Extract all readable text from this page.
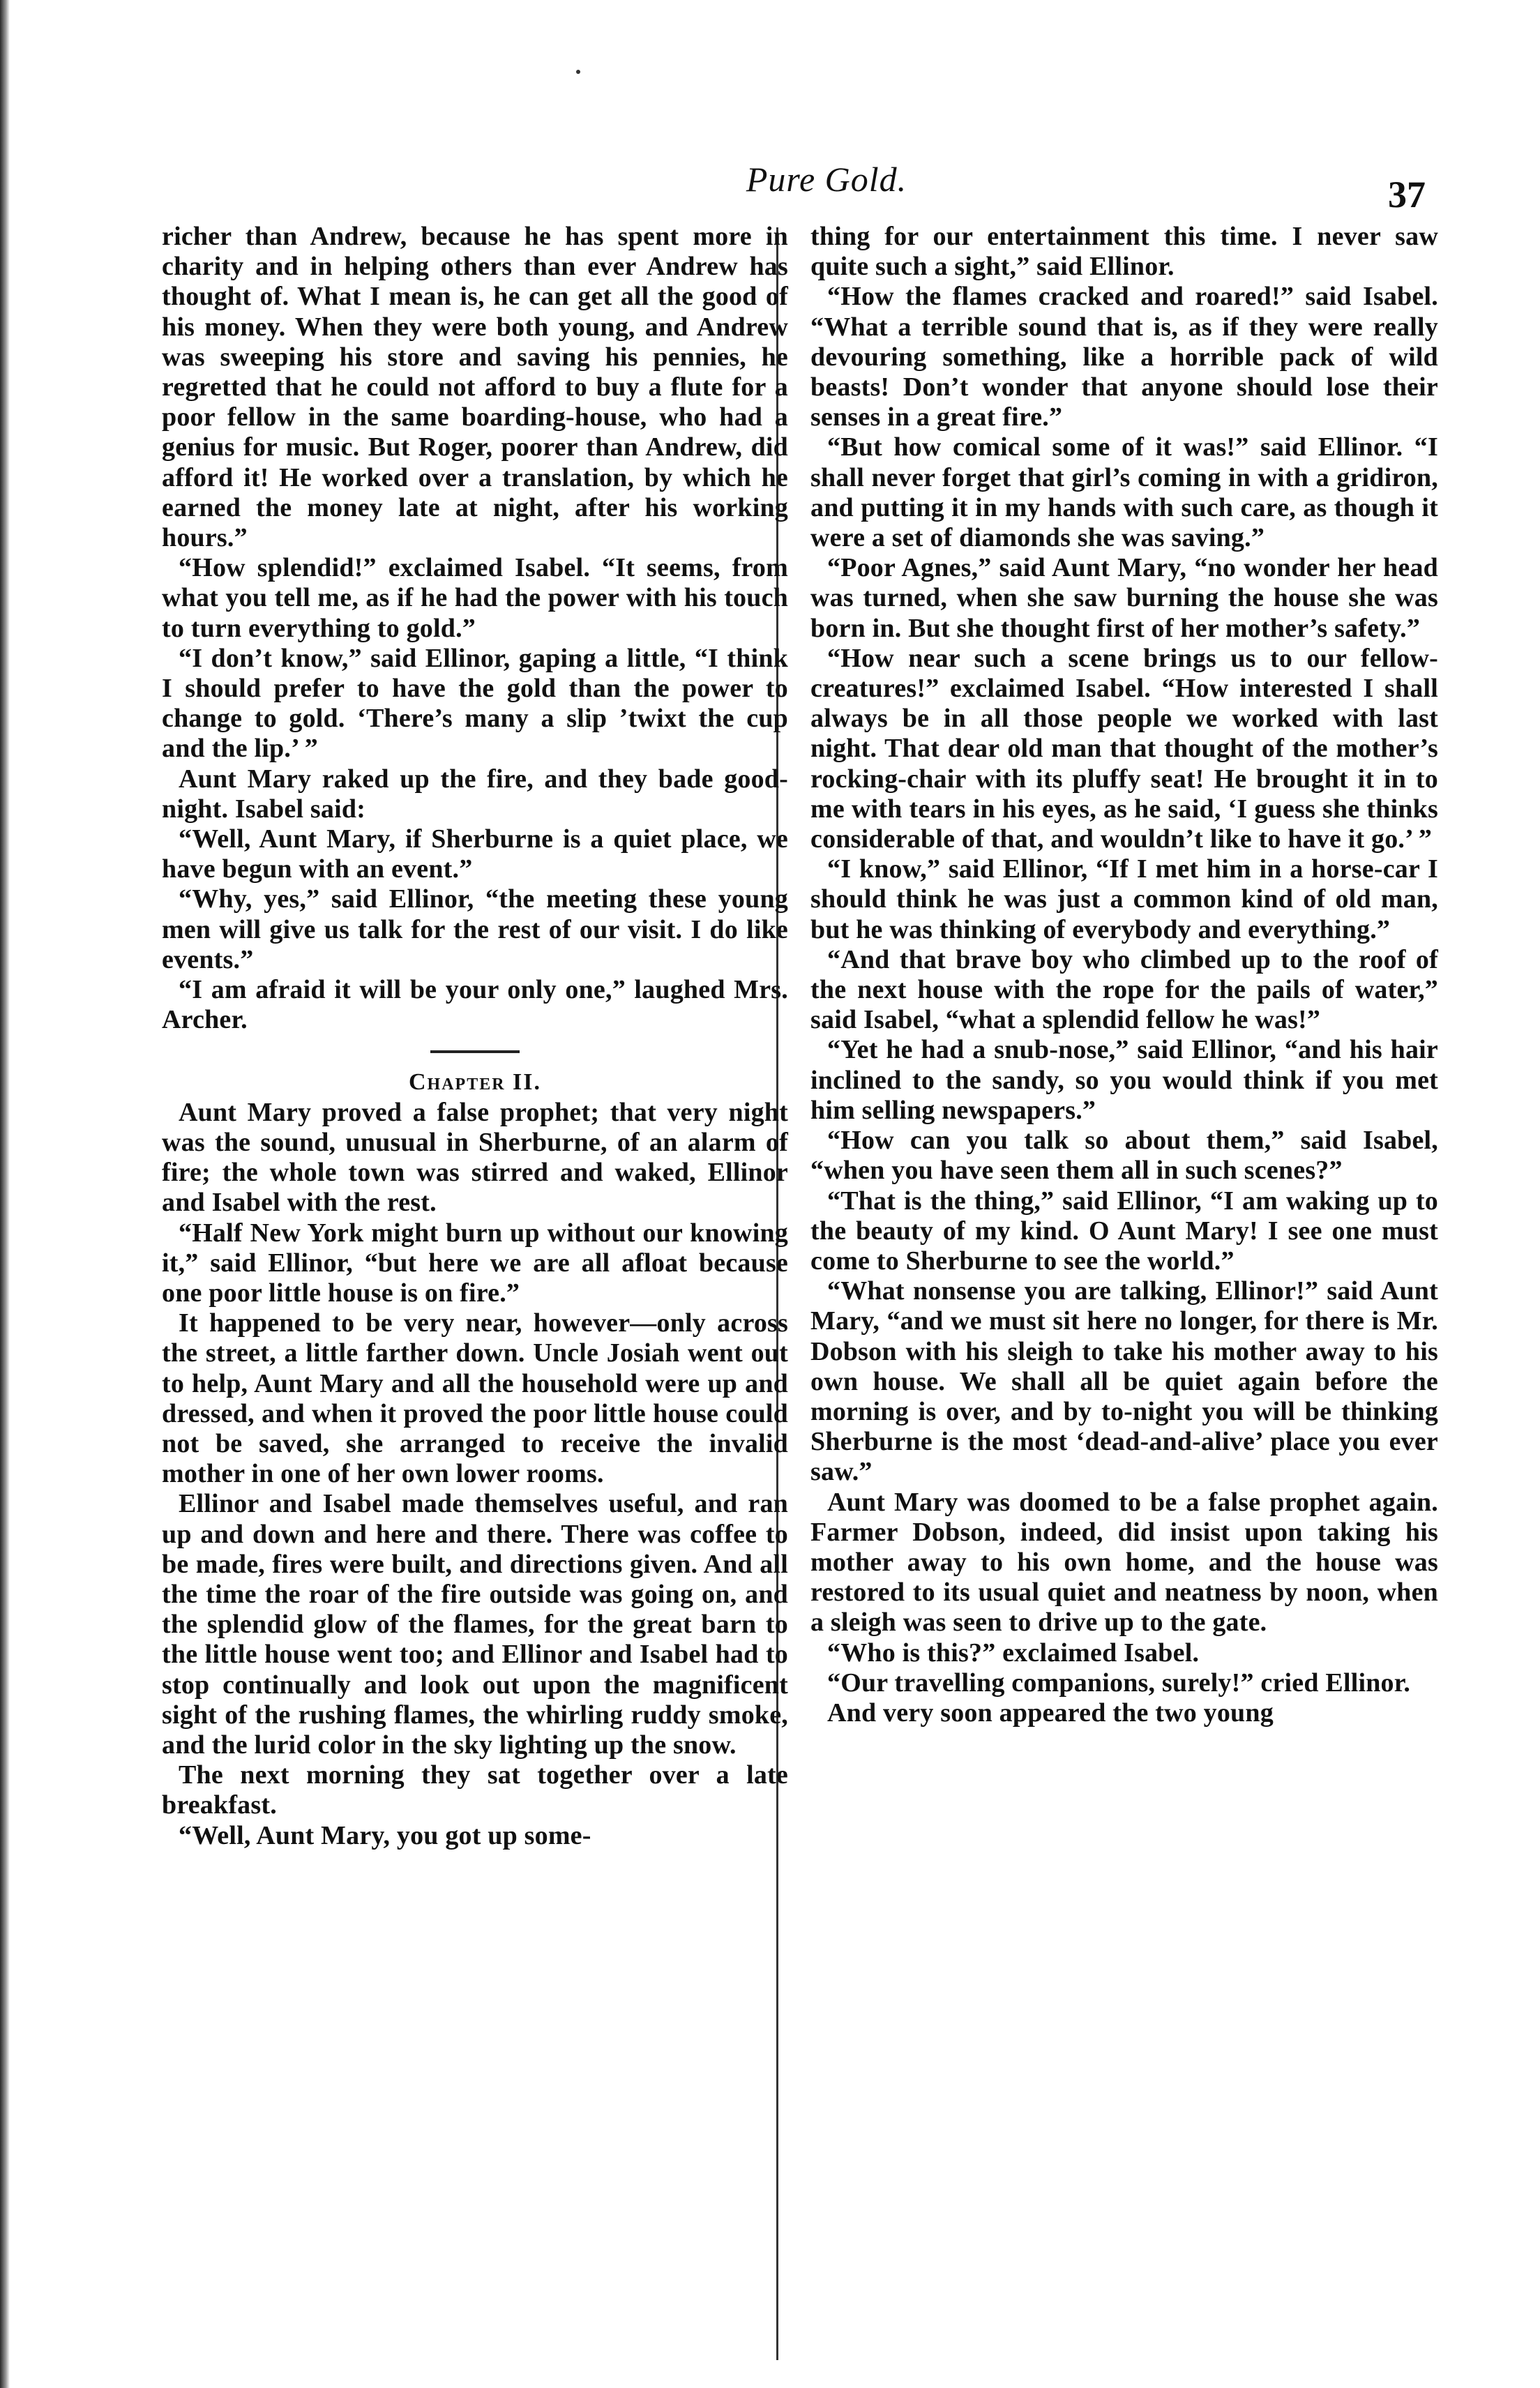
Pure Gold.	37

richer than Andrew, because he has spent more in charity and in helping others than ever Andrew has thought of. What I mean is, he can get all the good of his money. When they were both young, and Andrew was sweeping his store and saving his pennies, he regretted that he could not afford to buy a flute for a poor fellow in the same boarding-house, who had a genius for music. But Roger, poorer than Andrew, did afford it! He worked over a translation, by which he earned the money late at night, after his working hours.”

“How splendid!” exclaimed Isabel. “It seems, from what you tell me, as if he had the power with his touch to turn everything to gold.”

“I don’t know,” said Ellinor, gaping a little, “I think I should prefer to have the gold than the power to change to gold. ‘There’s many a slip ’twixt the cup and the lip.’ ”

Aunt Mary raked up the fire, and they bade good-night. Isabel said:

“Well, Aunt Mary, if Sherburne is a quiet place, we have begun with an event.”

“Why, yes,” said Ellinor, “the meeting these young men will give us talk for the rest of our visit. I do like events.”

“I am afraid it will be your only one,” laughed Mrs. Archer.

Chapter II.

Aunt Mary proved a false prophet; that very night was the sound, unusual in Sherburne, of an alarm of fire; the whole town was stirred and waked, Ellinor and Isabel with the rest.

“Half New York might burn up without our knowing it,” said Ellinor, “but here we are all afloat because one poor little house is on fire.”

It happened to be very near, however—only across the street, a little farther down. Uncle Josiah went out to help, Aunt Mary and all the household were up and dressed, and when it proved the poor little house could not be saved, she arranged to receive the invalid mother in one of her own lower rooms.

Ellinor and Isabel made themselves useful, and ran up and down and here and there. There was coffee to be made, fires were built, and directions given. And all the time the roar of the fire outside was going on, and the splendid glow of the flames, for the great barn to the little house went too; and Ellinor and Isabel had to stop continually and look out upon the magnificent sight of the rushing flames, the whirling ruddy smoke, and the lurid color in the sky lighting up the snow.

The next morning they sat together over a late breakfast.

“Well, Aunt Mary, you got up some-

thing for our entertainment this time. I never saw quite such a sight,” said Ellinor.

“How the flames cracked and roared!” said Isabel. “What a terrible sound that is, as if they were really devouring something, like a horrible pack of wild beasts! Don’t wonder that anyone should lose their senses in a great fire.”

“But how comical some of it was!” said Ellinor. “I shall never forget that girl’s coming in with a gridiron, and putting it in my hands with such care, as though it were a set of diamonds she was saving.”

“Poor Agnes,” said Aunt Mary, “no wonder her head was turned, when she saw burning the house she was born in. But she thought first of her mother’s safety.”

“How near such a scene brings us to our fellow-creatures!” exclaimed Isabel. “How interested I shall always be in all those people we worked with last night. That dear old man that thought of the mother’s rocking-chair with its pluffy seat! He brought it in to me with tears in his eyes, as he said, ‘I guess she thinks considerable of that, and wouldn’t like to have it go.’ ”

“I know,” said Ellinor, “If I met him in a horse-car I should think he was just a common kind of old man, but he was thinking of everybody and everything.”

“And that brave boy who climbed up to the roof of the next house with the rope for the pails of water,” said Isabel, “what a splendid fellow he was!”

“Yet he had a snub-nose,” said Ellinor, “and his hair inclined to the sandy, so you would think if you met him selling newspapers.”

“How can you talk so about them,” said Isabel, “when you have seen them all in such scenes?”

“That is the thing,” said Ellinor, “I am waking up to the beauty of my kind. O Aunt Mary! I see one must come to Sherburne to see the world.”

“What nonsense you are talking, Ellinor!” said Aunt Mary, “and we must sit here no longer, for there is Mr. Dobson with his sleigh to take his mother away to his own house. We shall all be quiet again before the morning is over, and by to-night you will be thinking Sherburne is the most ‘dead-and-alive’ place you ever saw.”

Aunt Mary was doomed to be a false prophet again. Farmer Dobson, indeed, did insist upon taking his mother away to his own home, and the house was restored to its usual quiet and neatness by noon, when a sleigh was seen to drive up to the gate.

“Who is this?” exclaimed Isabel.

“Our travelling companions, surely!” cried Ellinor.

And very soon appeared the two young
